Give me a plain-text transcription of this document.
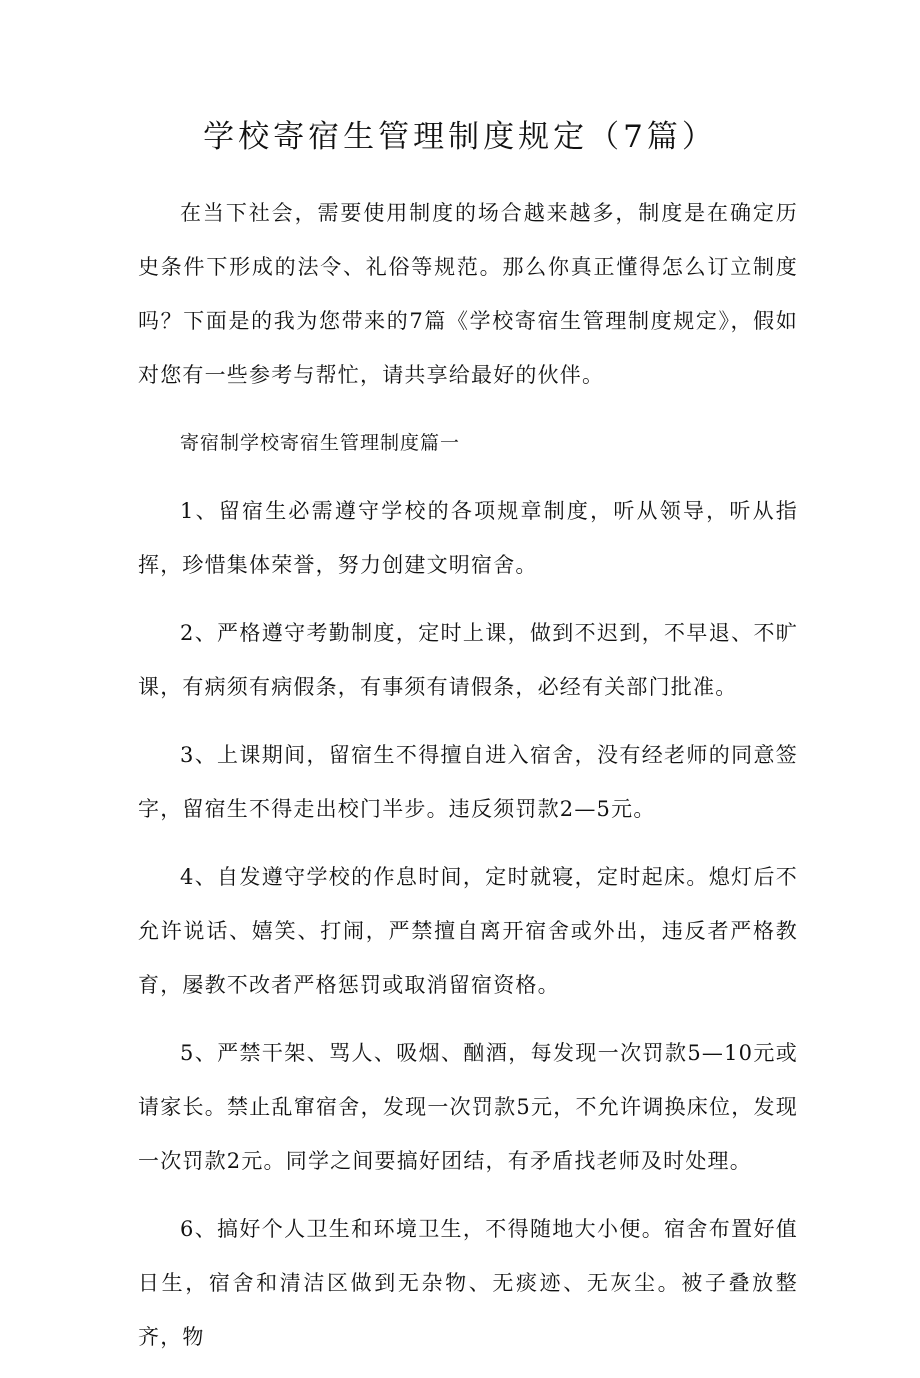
学校寄宿生管理制度规定（7篇）

在当下社会，需要使用制度的场合越来越多，制度是在确定历史条件下形成的法令、礼俗等规范。那么你真正懂得怎么订立制度吗？下面是的我为您带来的7篇《学校寄宿生管理制度规定》，假如对您有一些参考与帮忙，请共享给最好的伙伴。

寄宿制学校寄宿生管理制度篇一

1、留宿生必需遵守学校的各项规章制度，听从领导，听从指挥，珍惜集体荣誉，努力创建文明宿舍。

2、严格遵守考勤制度，定时上课，做到不迟到，不早退、不旷课，有病须有病假条，有事须有请假条，必经有关部门批准。

3、上课期间，留宿生不得擅自进入宿舍，没有经老师的同意签字，留宿生不得走出校门半步。违反须罚款2—5元。

4、自发遵守学校的作息时间，定时就寝，定时起床。熄灯后不允许说话、嬉笑、打闹，严禁擅自离开宿舍或外出，违反者严格教育，屡教不改者严格惩罚或取消留宿资格。

5、严禁干架、骂人、吸烟、酗酒，每发现一次罚款5—10元或请家长。禁止乱窜宿舍，发现一次罚款5元，不允许调换床位，发现一次罚款2元。同学之间要搞好团结，有矛盾找老师及时处理。

6、搞好个人卫生和环境卫生，不得随地大小便。宿舍布置好值日生，宿舍和清洁区做到无杂物、无痰迹、无灰尘。被子叠放整齐，物
